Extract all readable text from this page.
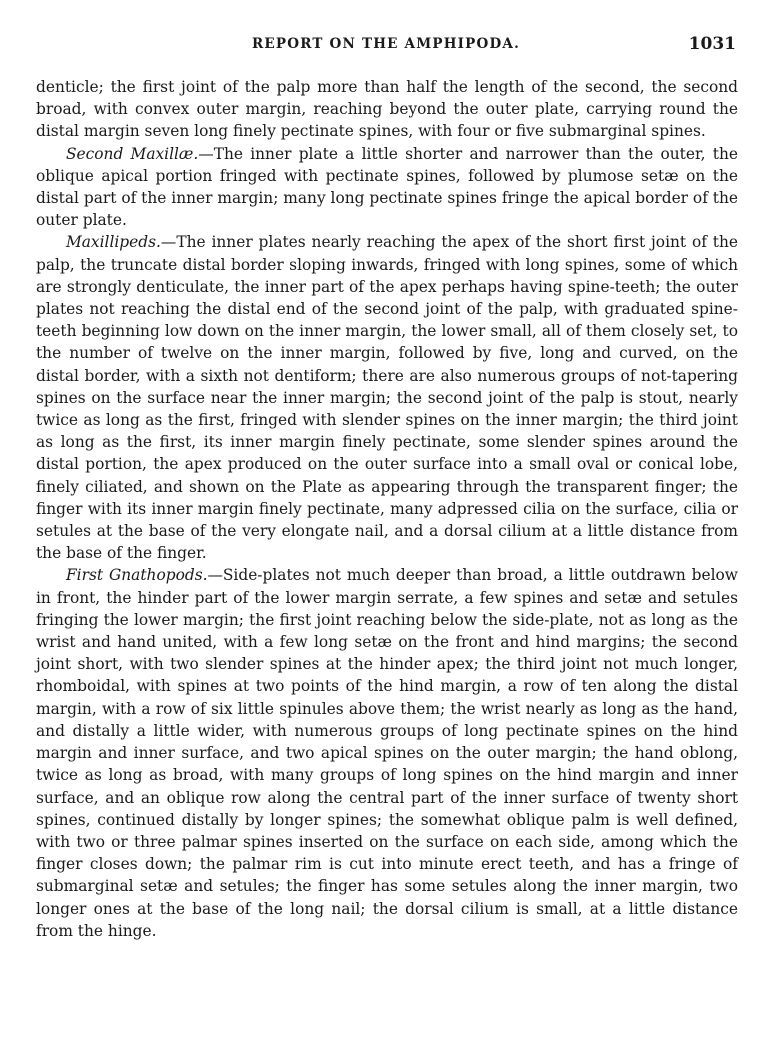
REPORT ON THE AMPHIPODA.	1031

denticle; the first joint of the palp more than half the length of the second, the second broad, with convex outer margin, reaching beyond the outer plate, carrying round the distal margin seven long finely pectinate spines, with four or five submarginal spines.

Second Maxillæ.—The inner plate a little shorter and narrower than the outer, the oblique apical portion fringed with pectinate spines, followed by plumose setæ on the distal part of the inner margin; many long pectinate spines fringe the apical border of the outer plate.

Maxillipeds.—The inner plates nearly reaching the apex of the short first joint of the palp, the truncate distal border sloping inwards, fringed with long spines, some of which are strongly denticulate, the inner part of the apex perhaps having spine-teeth; the outer plates not reaching the distal end of the second joint of the palp, with graduated spine-teeth beginning low down on the inner margin, the lower small, all of them closely set, to the number of twelve on the inner margin, followed by five, long and curved, on the distal border, with a sixth not dentiform; there are also numerous groups of not-tapering spines on the surface near the inner margin; the second joint of the palp is stout, nearly twice as long as the first, fringed with slender spines on the inner margin; the third joint as long as the first, its inner margin finely pectinate, some slender spines around the distal portion, the apex produced on the outer surface into a small oval or conical lobe, finely ciliated, and shown on the Plate as appearing through the transparent finger; the finger with its inner margin finely pectinate, many adpressed cilia on the surface, cilia or setules at the base of the very elongate nail, and a dorsal cilium at a little distance from the base of the finger.

First Gnathopods.—Side-plates not much deeper than broad, a little outdrawn below in front, the hinder part of the lower margin serrate, a few spines and setæ and setules fringing the lower margin; the first joint reaching below the side-plate, not as long as the wrist and hand united, with a few long setæ on the front and hind margins; the second joint short, with two slender spines at the hinder apex; the third joint not much longer, rhomboidal, with spines at two points of the hind margin, a row of ten along the distal margin, with a row of six little spinules above them; the wrist nearly as long as the hand, and distally a little wider, with numerous groups of long pectinate spines on the hind margin and inner surface, and two apical spines on the outer margin; the hand oblong, twice as long as broad, with many groups of long spines on the hind margin and inner surface, and an oblique row along the central part of the inner surface of twenty short spines, continued distally by longer spines; the somewhat oblique palm is well defined, with two or three palmar spines inserted on the surface on each side, among which the finger closes down; the palmar rim is cut into minute erect teeth, and has a fringe of submarginal setæ and setules; the finger has some setules along the inner margin, two longer ones at the base of the long nail; the dorsal cilium is small, at a little distance from the hinge.
